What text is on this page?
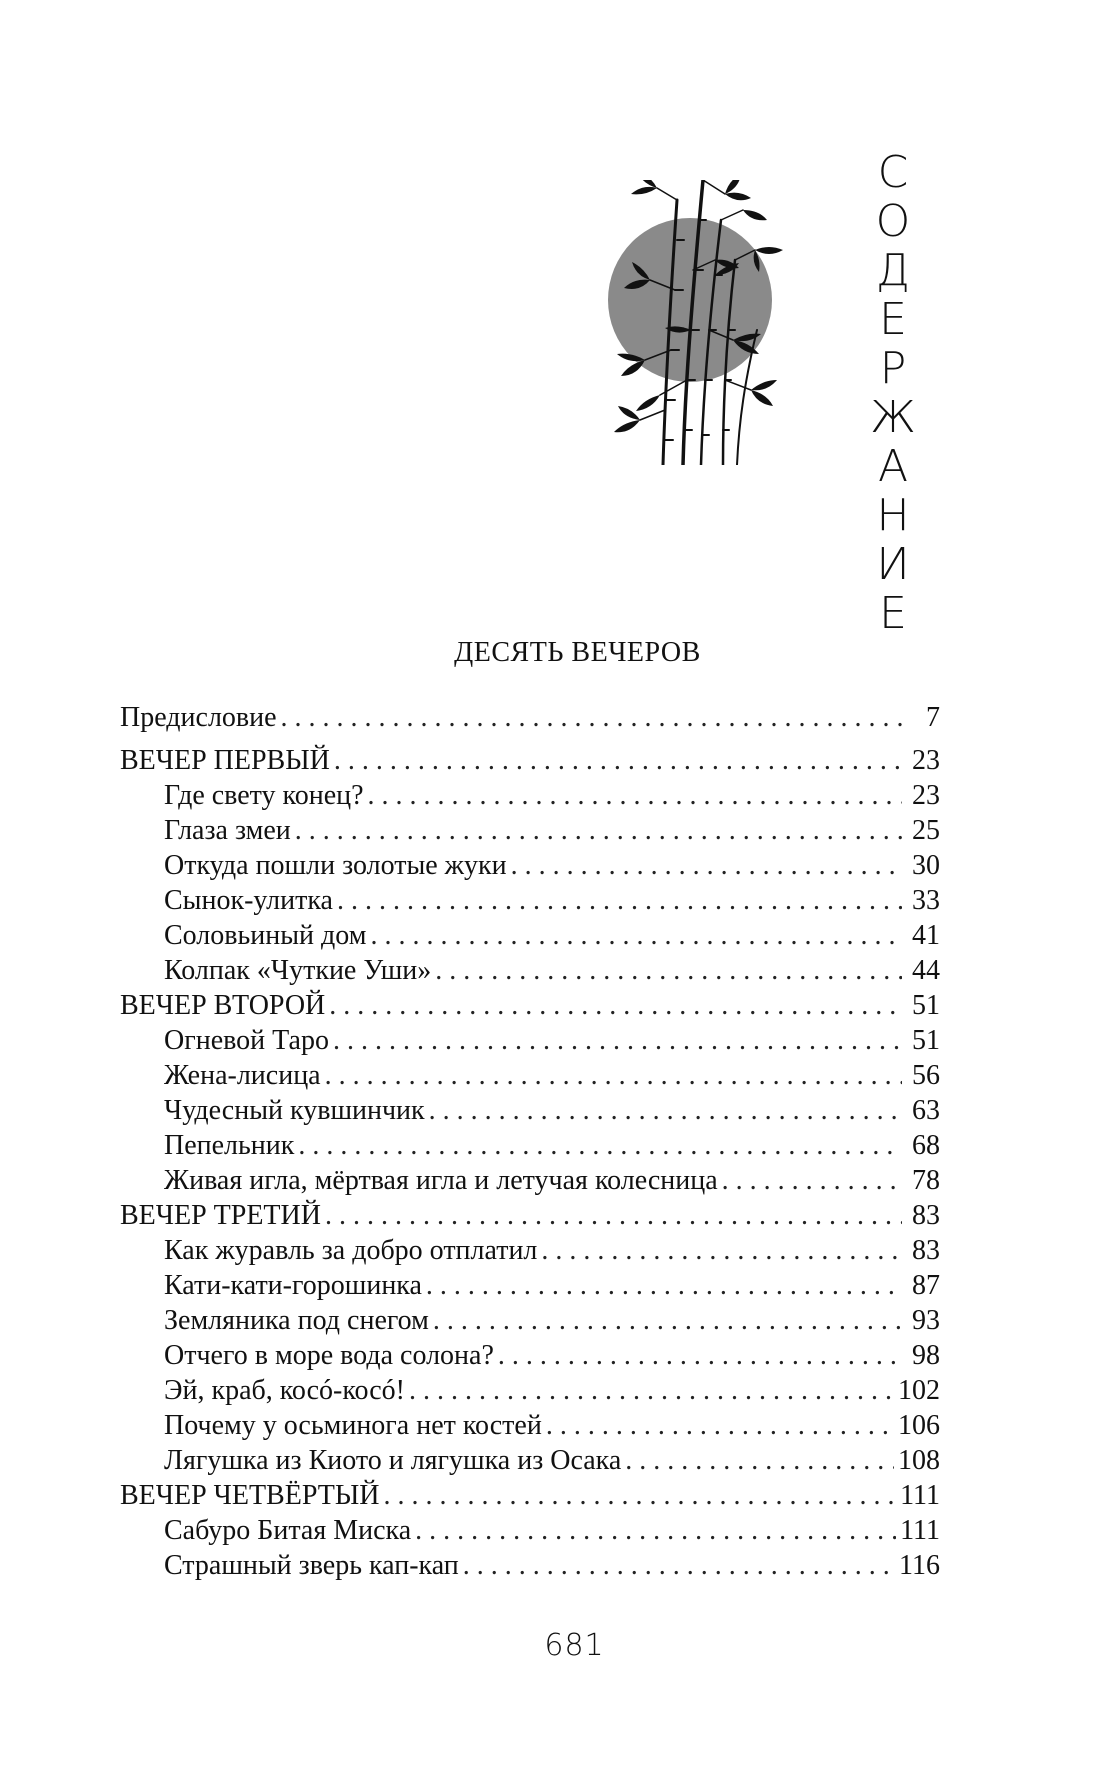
С
О
Д
Е
Р
Ж
А
Н
И
Е
ДЕСЯТЬ ВЕЧЕРОВ
Предисловие . . .	7
ВЕЧЕР ПЕРВЫЙ . . .	23
Где свету конец? . . .	23
Глаза змеи . . .	25
Откуда пошли золотые жуки . . .	30
Сынок-улитка . . .	33
Соловьиный дом . . .	41
Колпак «Чуткие Уши» . . .	44
ВЕЧЕР ВТОРОЙ . . .	51
Огневой Таро . . .	51
Жена-лисица . . .	56
Чудесный кувшинчик . . .	63
Пепельник . . .	68
Живая игла, мёртвая игла и летучая колесница . . .	78
ВЕЧЕР ТРЕТИЙ . . .	83
Как журавль за добро отплатил . . .	83
Кати-кати-горошинка . . .	87
Земляника под снегом . . .	93
Отчего в море вода солона? . . .	98
Эй, краб, косó-косó! . . .	102
Почему у осьминога нет костей . . .	106
Лягушка из Киото и лягушка из Осака . . .	108
ВЕЧЕР ЧЕТВЁРТЫЙ . . .	111
Сабуро Битая Миска . . .	111
Страшный зверь кап-кап . . .	116
681
